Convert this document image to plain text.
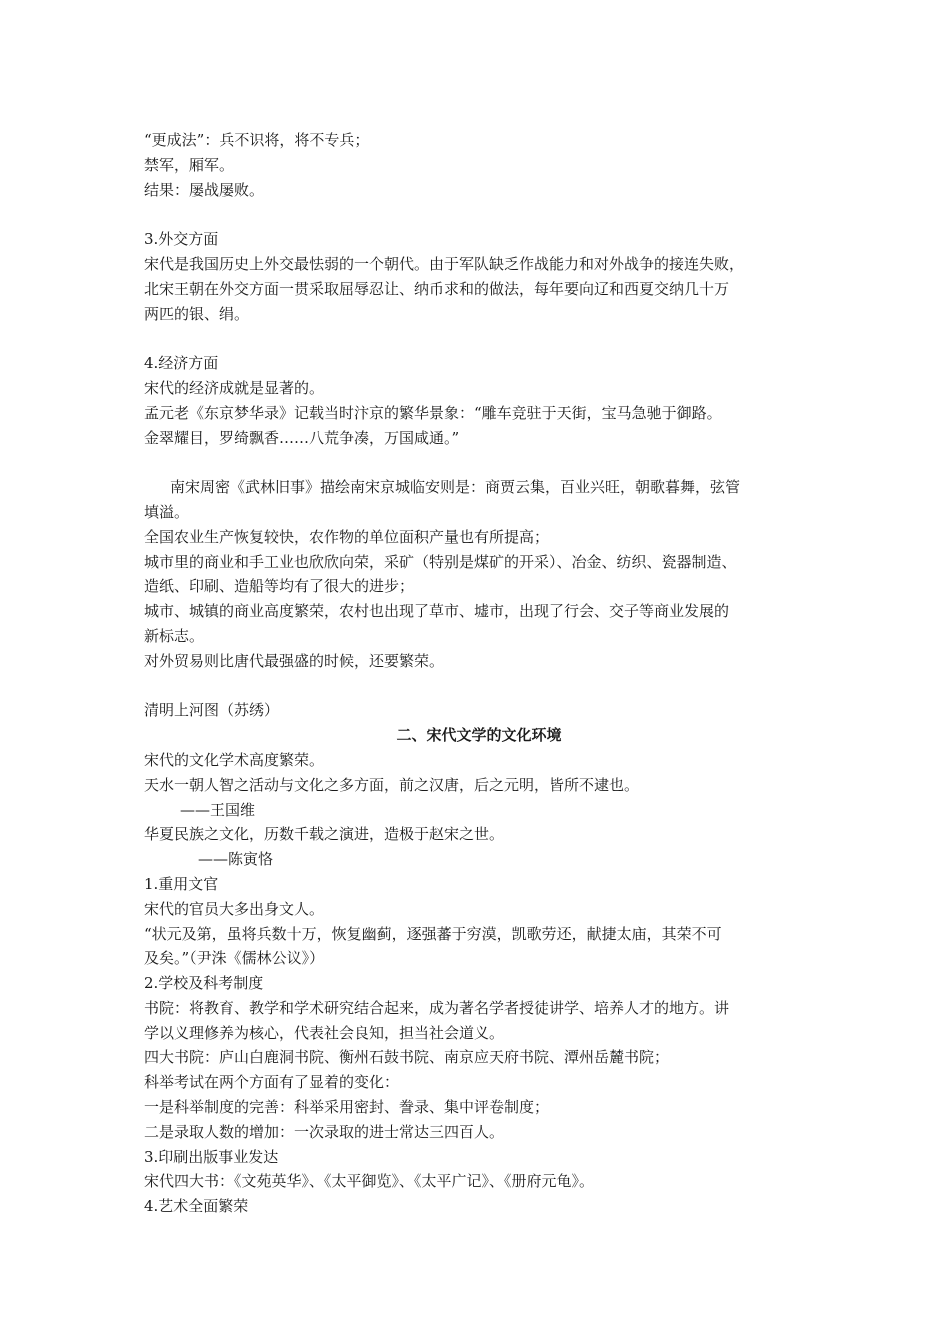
“更成法”：兵不识将，将不专兵；
禁军，厢军。
结果：屡战屡败。
3.外交方面
宋代是我国历史上外交最怯弱的一个朝代。由于军队缺乏作战能力和对外战争的接连失败，
北宋王朝在外交方面一贯采取屈辱忍让、纳币求和的做法，每年要向辽和西夏交纳几十万
两匹的银、绢。
4.经济方面
宋代的经济成就是显著的。
孟元老《东京梦华录》记载当时汴京的繁华景象：“雕车竞驻于天街，宝马急驰于御路。
金翠耀目，罗绮飘香……八荒争凑，万国咸通。”
南宋周密《武林旧事》描绘南宋京城临安则是：商贾云集，百业兴旺，朝歌暮舞，弦管
填溢。
全国农业生产恢复较快，农作物的单位面积产量也有所提高；
城市里的商业和手工业也欣欣向荣，采矿（特别是煤矿的开采）、冶金、纺织、瓷器制造、
造纸、印刷、造船等均有了很大的进步；
城市、城镇的商业高度繁荣，农村也出现了草市、墟市，出现了行会、交子等商业发展的
新标志。
对外贸易则比唐代最强盛的时候，还要繁荣。
清明上河图（苏绣）
二、宋代文学的文化环境
宋代的文化学术高度繁荣。
天水一朝人智之活动与文化之多方面，前之汉唐，后之元明，皆所不逮也。
——王国维
华夏民族之文化，历数千载之演进，造极于赵宋之世。
——陈寅恪
1.重用文官
宋代的官员大多出身文人。
“状元及第，虽将兵数十万，恢复幽蓟，逐强蕃于穷漠，凯歌劳还，献捷太庙，其荣不可
及矣。”（尹洙《儒林公议》）
2.学校及科考制度
书院：将教育、教学和学术研究结合起来，成为著名学者授徒讲学、培养人才的地方。讲
学以义理修养为核心，代表社会良知，担当社会道义。
四大书院：庐山白鹿洞书院、衡州石鼓书院、南京应天府书院、潭州岳麓书院；
科举考试在两个方面有了显着的变化：
一是科举制度的完善：科举采用密封、誊录、集中评卷制度；
二是录取人数的增加：一次录取的进士常达三四百人。
3.印刷出版事业发达
宋代四大书：《文苑英华》、《太平御览》、《太平广记》、《册府元龟》。
4.艺术全面繁荣
